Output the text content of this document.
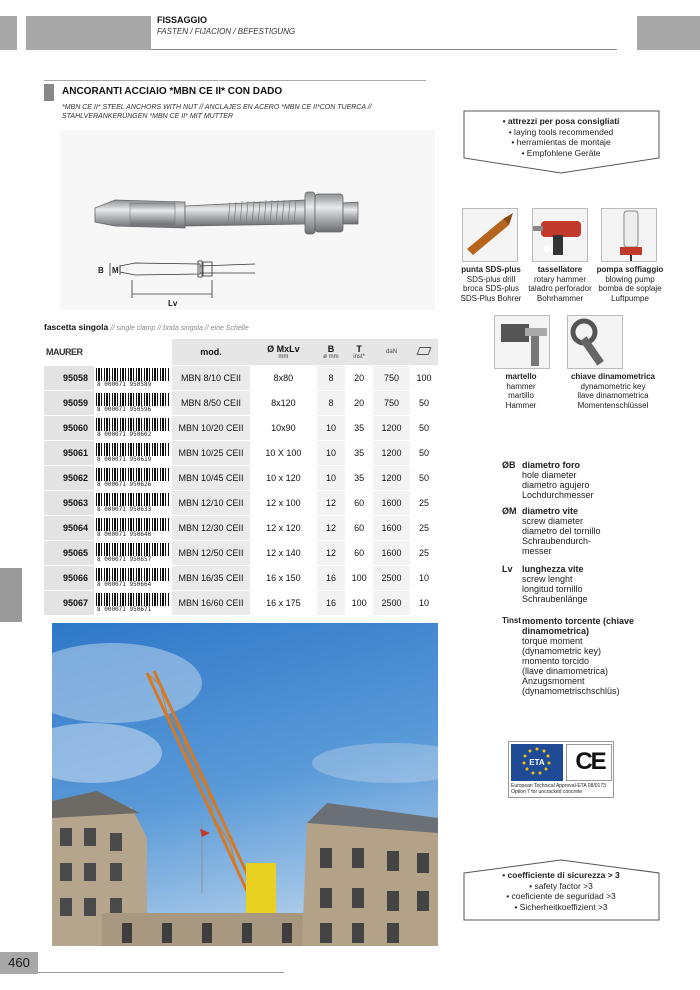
FISSAGGIO
FASTEN / FIJACION / BEFESTIGUNG
ANCORANTI ACCIAIO *MBN CE II* CON DADO
*MBN CE II* STEEL ANCHORS WITH NUT // ANCLAJES EN ACERO *MBN CE II*CON TUERCA // STAHLVERANKERUNGEN *MBN CE II* MIT MUTTER
B M
Lv
fascetta singola // single clamp // brida singola // eine Schelle
MAURER		mod.	Ø MxLv
mm	B
ø mm	T
inst*	daN	

95058	8 000071 950589	MBN 8/10 CEII	8x80	8	20	750	100
95059	8 000071 950596	MBN 8/50 CEII	8x120	8	20	750	50
95060	8 000071 950602	MBN 10/20 CEII	10x90	10	35	1200	50
95061	8 000071 950619	MBN 10/25 CEII	10 X 100	10	35	1200	50
95062	8 000071 950626	MBN 10/45 CEII	10 x 120	10	35	1200	50
95063	8 000071 950633	MBN 12/10 CEII	12 x 100	12	60	1600	25
95064	8 000071 950640	MBN 12/30 CEII	12 x 120	12	60	1600	25
95065	8 000071 950657	MBN 12/50 CEII	12 x 140	12	60	1600	25
95066	8 000071 950664	MBN 16/35 CEII	16 x 150	16	100	2500	10
95067	8 000071 950671	MBN 16/60 CEII	16 x 175	16	100	2500	10
• attrezzi per posa consigliati
• laying tools recommended
• herramientas de montaje
• Empfohlene Geräte
punta SDS-plus
SDS-plus drill
broca SDS-plus
SDS-Plus Bohrer
tassellatore
rotary hammer
taladro perforador
Bohrhammer
pompa soffiaggio
blowing pump
bomba de soplaje
Luftpumpe
martello
hammer
martillo
Hammer
chiave dinamometrica
dynamometric key
llave dinamometrica
Momentenschlüssel
ØB diametro foro
hole diameter
diametro agujero
Lochdurchmesser
ØM diametro vite
screw diameter
diametro del tornillo
Schraubendurch-
messer
Lv lunghezza vite
screw lenght
longitud tornillo
Schraubenlänge
Tinst momento torcente (chiave dinamometrica)
torque moment
(dynamometric key)
momento torcido
(llave dinamometrica)
Anzugsmoment
(dynamometrischschlüs)
ETA	CE
European Technical Approval-ETA 08/0173 Option 7 for uncracked concrete
• coefficiente di sicurezza > 3
• safety factor >3
• coeficiente de seguridad >3
• Sicherheitkoeffizient >3
460
